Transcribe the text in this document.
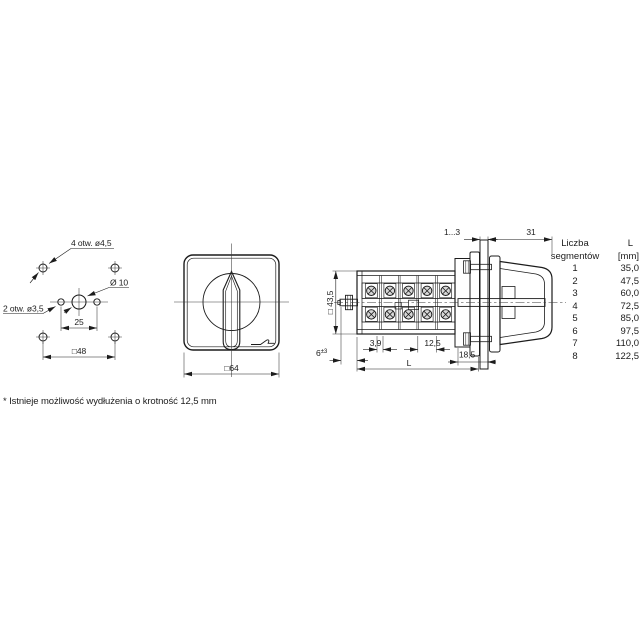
4 otw. ø4,5
Ø 10
2 otw. ø3,5
25
□48
□64
□ 43,5
1...3	31
$6^{\pm 3}$
3,9	12,5
18,5
L
Liczba
segmentów
L
[mm]
1	35,0
2	47,5
3	60,0
4	72,5
5	85,0
6	97,5
7	110,0
8	122,5
* Istnieje możliwość wydłużenia o krotność 12,5 mm
